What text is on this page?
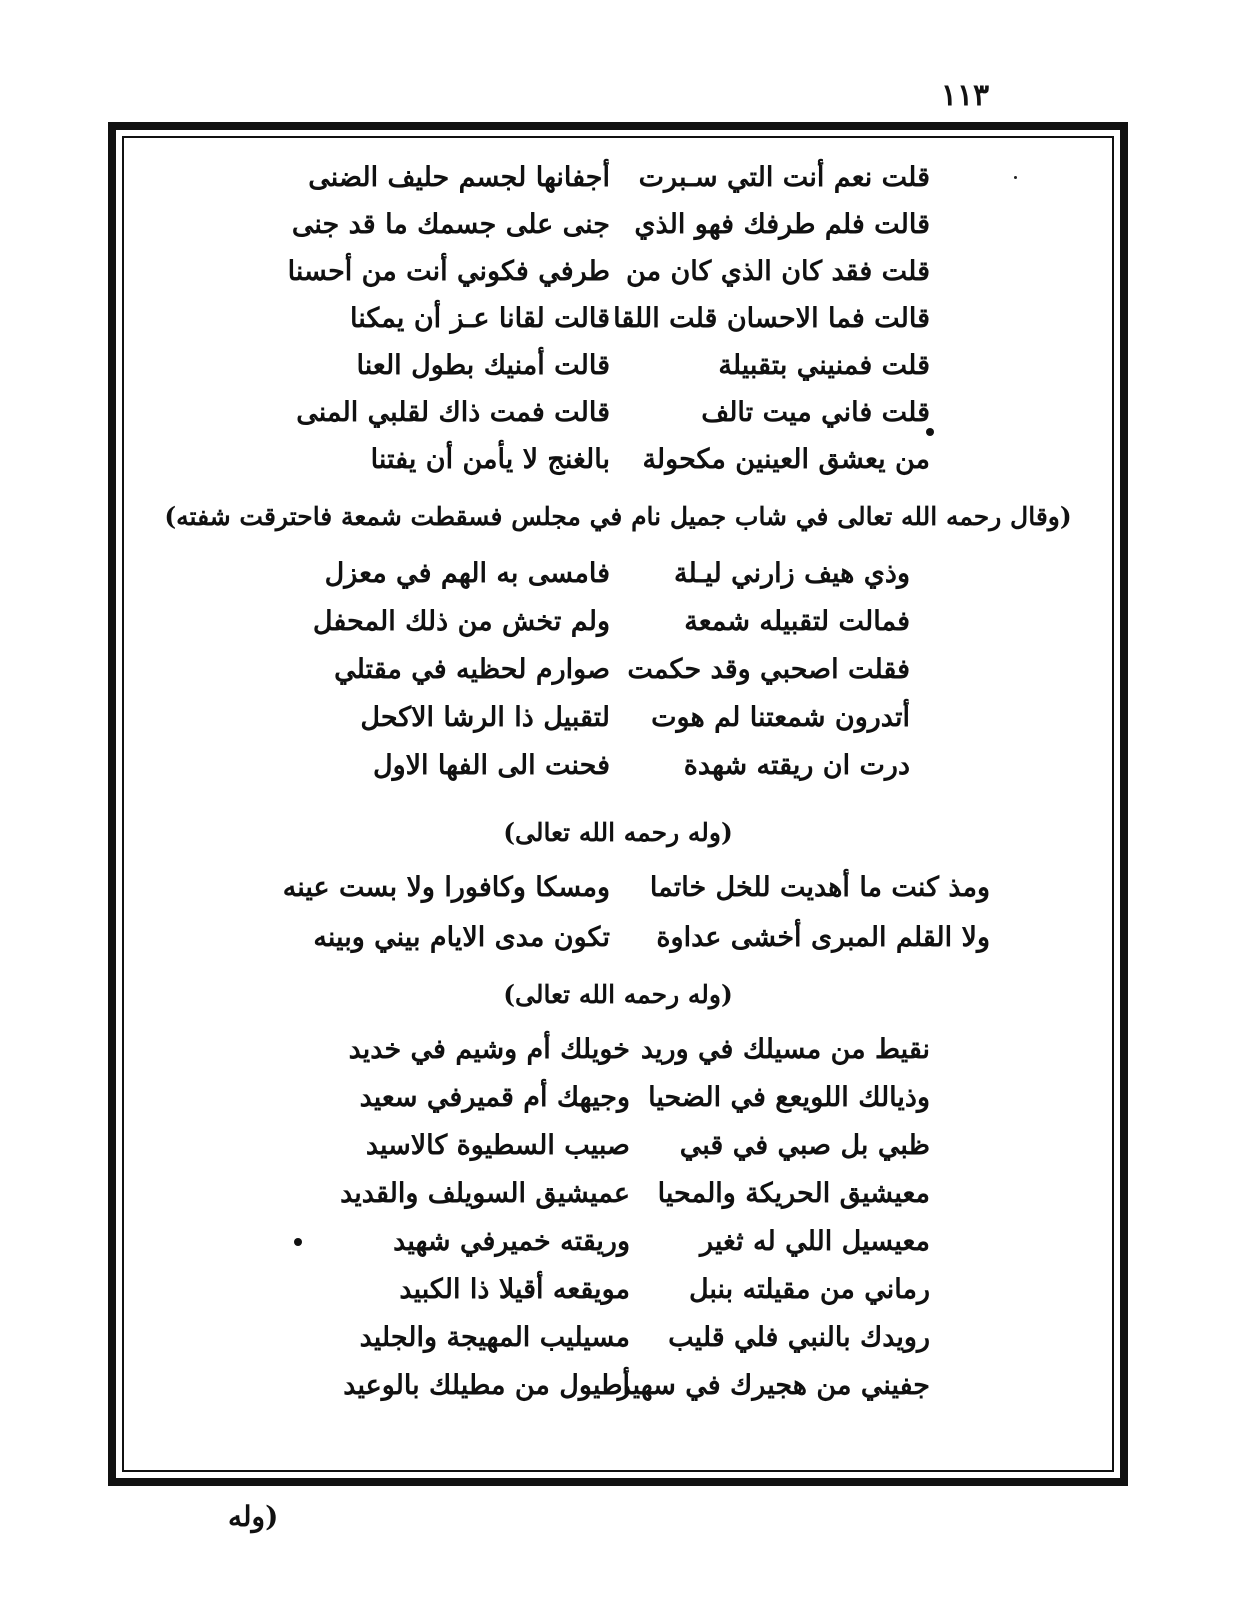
١١٣
قلت نعم أنت التي سـبرت
أجفانها لجسم حليف الضنى
قالت فلم طرفك فهو الذي
جنى على جسمك ما قد جنى
قلت فقد كان الذي كان من
طرفي فكوني أنت من أحسنا
قالت فما الاحسان قلت اللقا
قالت لقانا عـز أن يمكنا
قلت فمنيني بتقبيلة
قالت أمنيك بطول العنا
قلت فاني ميت تالف
قالت فمت ذاك لقلبي المنى
من يعشق العينين مكحولة
بالغنج لا يأمن أن يفتنا
(وقال رحمه الله تعالى في شاب جميل نام في مجلس فسقطت شمعة فاحترقت شفته)
وذي هيف زارني ليـلة
فامسى به الهم في معزل
فمالت لتقبيله شمعة
ولم تخش من ذلك المحفل
فقلت اصحبي وقد حكمت
صوارم لحظيه في مقتلي
أتدرون شمعتنا لم هوت
لتقبيل ذا الرشا الاكحل
درت ان ريقته شهدة
فحنت الى الفها الاول
(وله رحمه الله تعالى)
ومذ كنت ما أهديت للخل خاتما
ومسكا وكافورا ولا بست عينه
ولا القلم المبرى أخشى عداوة
تكون مدى الايام بيني وبينه
(وله رحمه الله تعالى)
نقيط من مسيلك في وريد
خويلك أم وشيم في خديد
وذيالك اللويعع في الضحيا
وجيهك أم قميرفي سعيد
ظبي بل صبي في قبي
صبيب السطيوة كالاسيد
معيشيق الحريكة والمحيا
عميشيق السويلف والقديد
معيسيل اللي له ثغير
وريقته خميرفي شهيد
رماني من مقيلته بنبل
مويقعه أقيلا ذا الكبيد
رويدك بالنبي فلي قليب
مسيليب المهيجة والجليد
جفيني من هجيرك في سهير
أطيول من مطيلك بالوعيد
(وله
